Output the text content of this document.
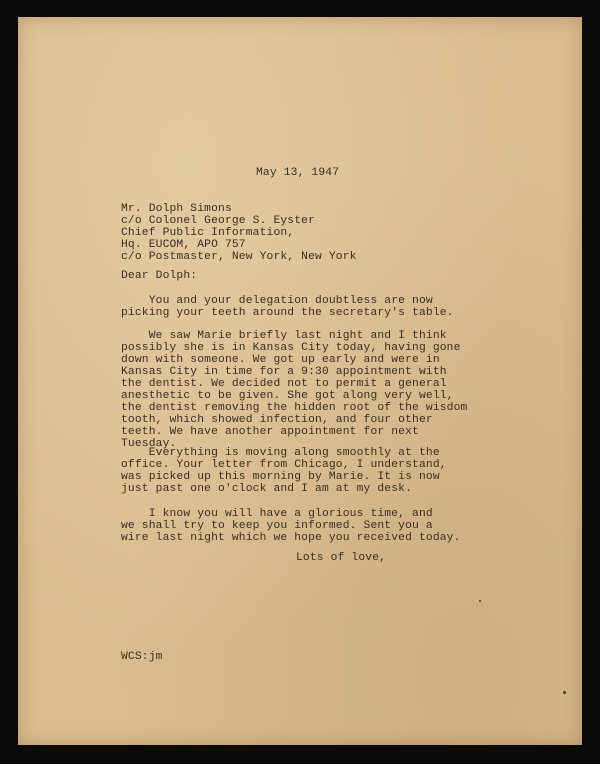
May 13, 1947
Mr. Dolph Simons
c/o Colonel George S. Eyster
Chief Public Information,
Hq. EUCOM, APO 757
c/o Postmaster, New York, New York
Dear Dolph:
You and your delegation doubtless are now
picking your teeth around the secretary's table.
We saw Marie briefly last night and I think
possibly she is in Kansas City today, having gone
down with someone. We got up early and were in
Kansas City in time for a 9:30 appointment with
the dentist. We decided not to permit a general
anesthetic to be given. She got along very well,
the dentist removing the hidden root of the wisdom
tooth, which showed infection, and four other
teeth. We have another appointment for next
Tuesday.
Everything is moving along smoothly at the
office. Your letter from Chicago, I understand,
was picked up this morning by Marie. It is now
just past one o'clock and I am at my desk.
I know you will have a glorious time, and
we shall try to keep you informed. Sent you a
wire last night which we hope you received today.
Lots of love,
WCS:jm
